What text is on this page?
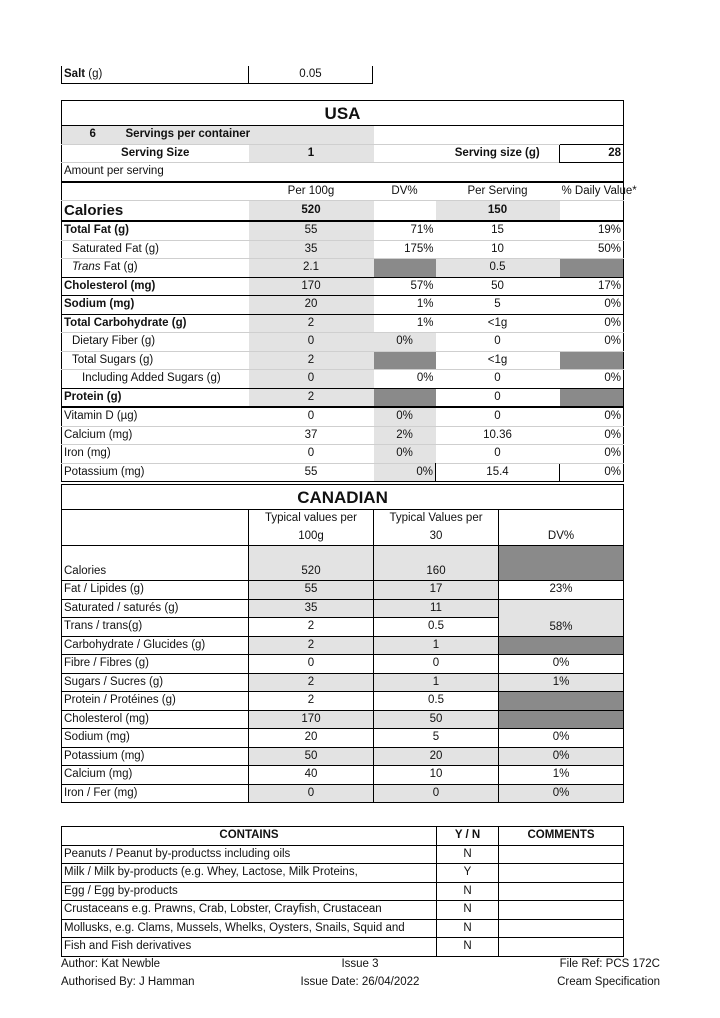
Salt (g)	0.05
USA					
6	Servings per container				
Serving Size		1		Serving size (g)	28
Amount per serving					
		Per 100g	DV%	Per Serving	% Daily Value*
Calories		520		150	
Total Fat (g)		55	71%	15	19%
Saturated Fat (g)		35	175%	10	50%
Trans Fat (g)		2.1		0.5	
Cholesterol (mg)		170	57%	50	17%
Sodium (mg)		20	1%	5	0%
Total Carbohydrate (g)		2	1%	<1g	0%
Dietary Fiber (g)		0	0%	0	0%
Total Sugars (g)		2		<1g	
Including Added Sugars (g)		0	0%	0	0%
Protein (g)		2		0	
Vitamin D (µg)		0	0%	0	0%
Calcium (mg)		37	2%	10.36	0%
Iron (mg)		0	0%	0	0%
Potassium (mg)		55	0%	15.4	0%
CANADIAN			
	Typical values per	Typical Values per	DV%
	100g	30	
Calories	520	160	
Fat / Lipides (g)	55	17	23%
Saturated / saturés (g)	35	11	58%
Trans / trans(g)	2	0.5	
Carbohydrate / Glucides (g)	2	1	
Fibre / Fibres (g)	0	0	0%
Sugars / Sucres (g)	2	1	1%
Protein / Protéines (g)	2	0.5	
Cholesterol (mg)	170	50	
Sodium (mg)	20	5	0%
Potassium (mg)	50	20	0%
Calcium (mg)	40	10	1%
Iron / Fer (mg)	0	0	0%
CONTAINS	Y / N	COMMENTS
Peanuts / Peanut by-productss including oils	N	
Milk / Milk by-products (e.g. Whey, Lactose, Milk Proteins,	Y	
Egg / Egg by-products	N	
Crustaceans e.g. Prawns, Crab, Lobster, Crayfish, Crustacean	N	
Mollusks, e.g. Clams, Mussels, Whelks, Oysters, Snails, Squid and	N	
Fish and Fish derivatives	N	
Author: Kat Newble
Authorised By: J Hamman
Issue 3
Issue Date: 26/04/2022
File Ref: PCS 172C
Cream Specification
